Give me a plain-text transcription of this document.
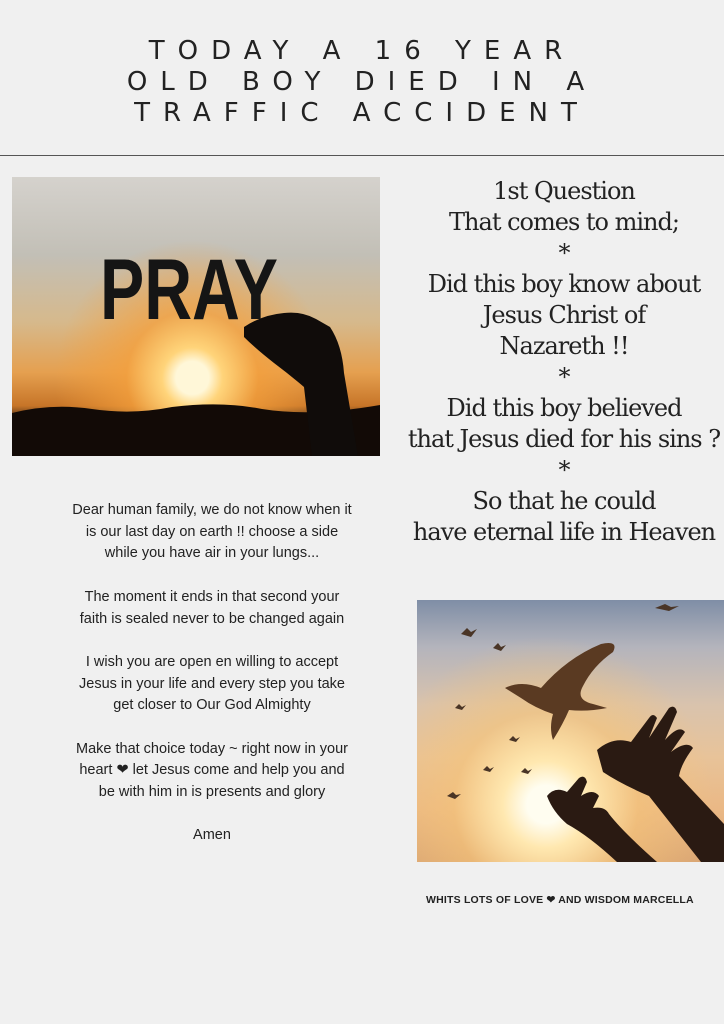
TODAY A 16 YEAR
OLD BOY DIED IN A
TRAFFIC ACCIDENT
PRAY

1st Question
That comes to mind;
*

Did this boy know about
Jesus Christ of
Nazareth !!
*

Did this boy believed
that Jesus died for his sins ?
*

So that he could
have eternal life in Heaven

Dear human family, we do not know when it is our last day on earth !! choose a side while you have air in your lungs...

The moment it ends in that second your faith is sealed never to be changed again

I wish you are open en willing to accept Jesus in your life and every step you take get closer to Our God Almighty

Make that choice today ~ right now in your heart ❤ let Jesus come and help you and be with him in is presents and glory

Amen

WHITS LOTS OF LOVE ❤ AND WISDOM MARCELLA
